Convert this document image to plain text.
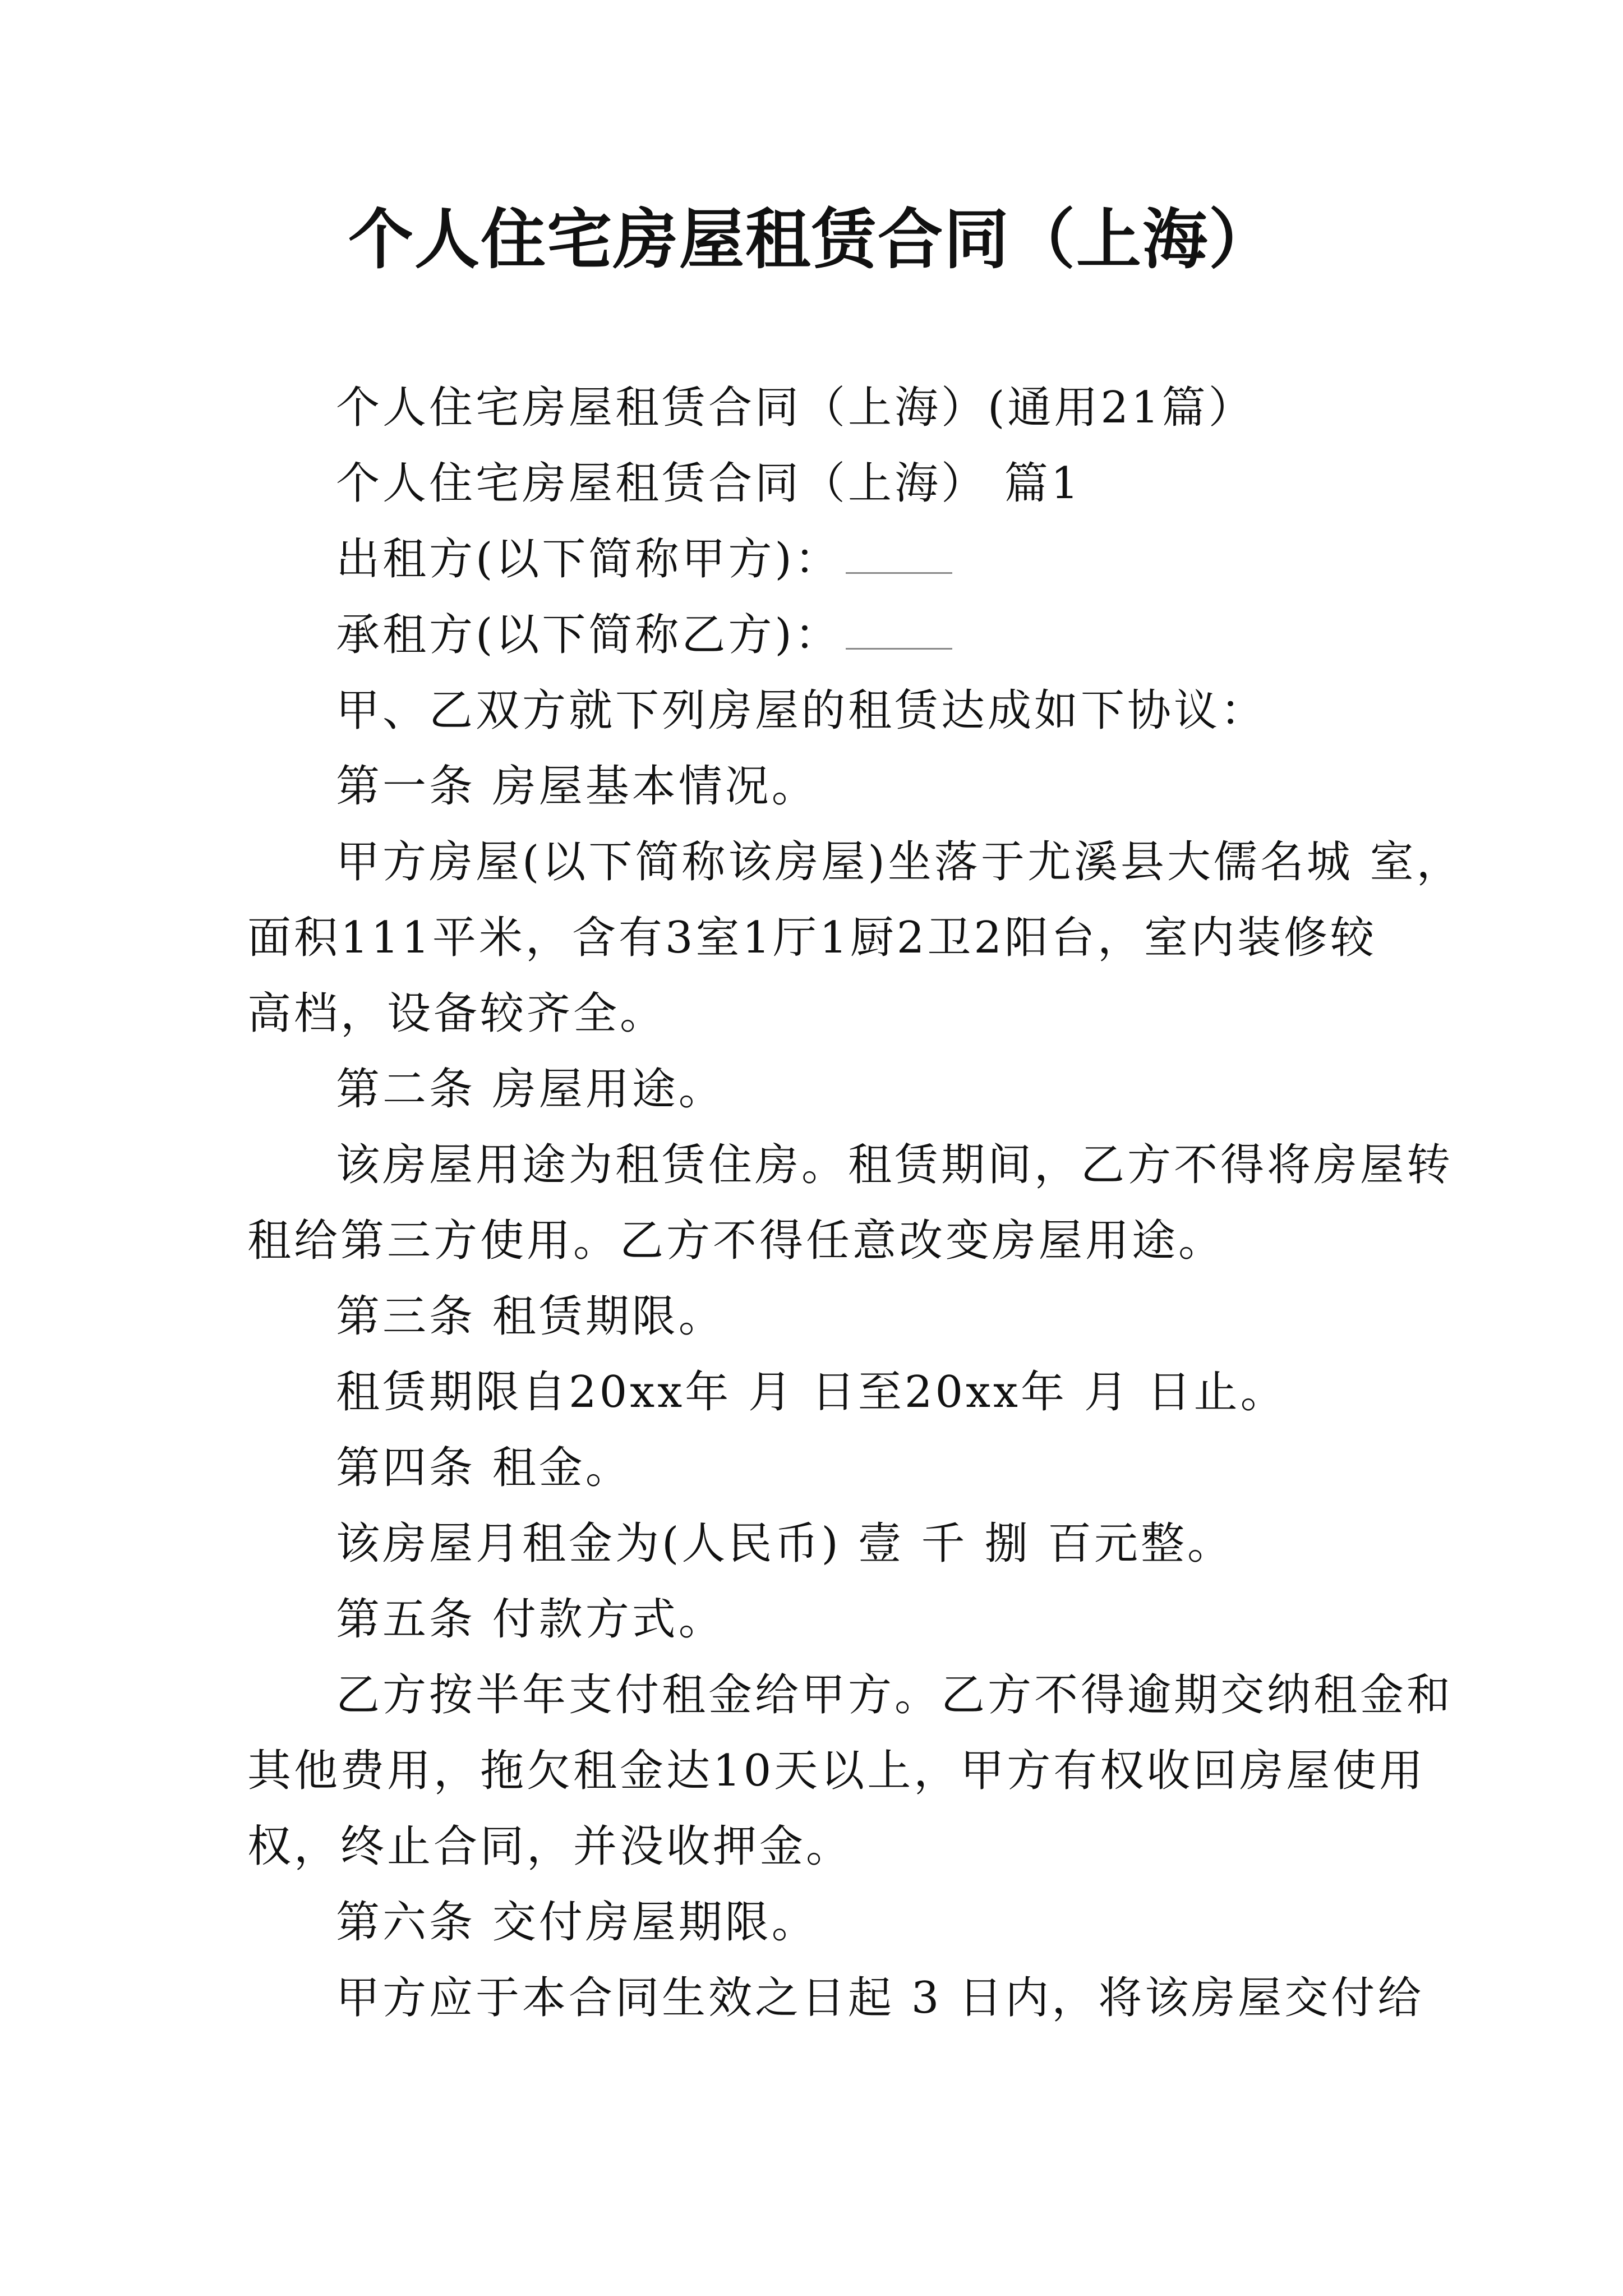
个人住宅房屋租赁合同（上海）
个人住宅房屋租赁合同（上海）(通用21篇）
个人住宅房屋租赁合同（上海） 篇1
出租方(以下简称甲方)：
承租方(以下简称乙方)：
甲、乙双方就下列房屋的租赁达成如下协议：
第一条 房屋基本情况。
甲方房屋(以下简称该房屋)坐落于尤溪县大儒名城 室，
面积111平米，含有3室1厅1厨2卫2阳台，室内装修较
高档，设备较齐全。
第二条 房屋用途。
该房屋用途为租赁住房。租赁期间，乙方不得将房屋转
租给第三方使用。乙方不得任意改变房屋用途。
第三条 租赁期限。
租赁期限自20xx年 月 日至20xx年 月 日止。
第四条 租金。
该房屋月租金为(人民币) 壹 千 捌 百元整。
第五条 付款方式。
乙方按半年支付租金给甲方。乙方不得逾期交纳租金和
其他费用，拖欠租金达10天以上，甲方有权收回房屋使用
权，终止合同，并没收押金。
第六条 交付房屋期限。
甲方应于本合同生效之日起 3 日内，将该房屋交付给
